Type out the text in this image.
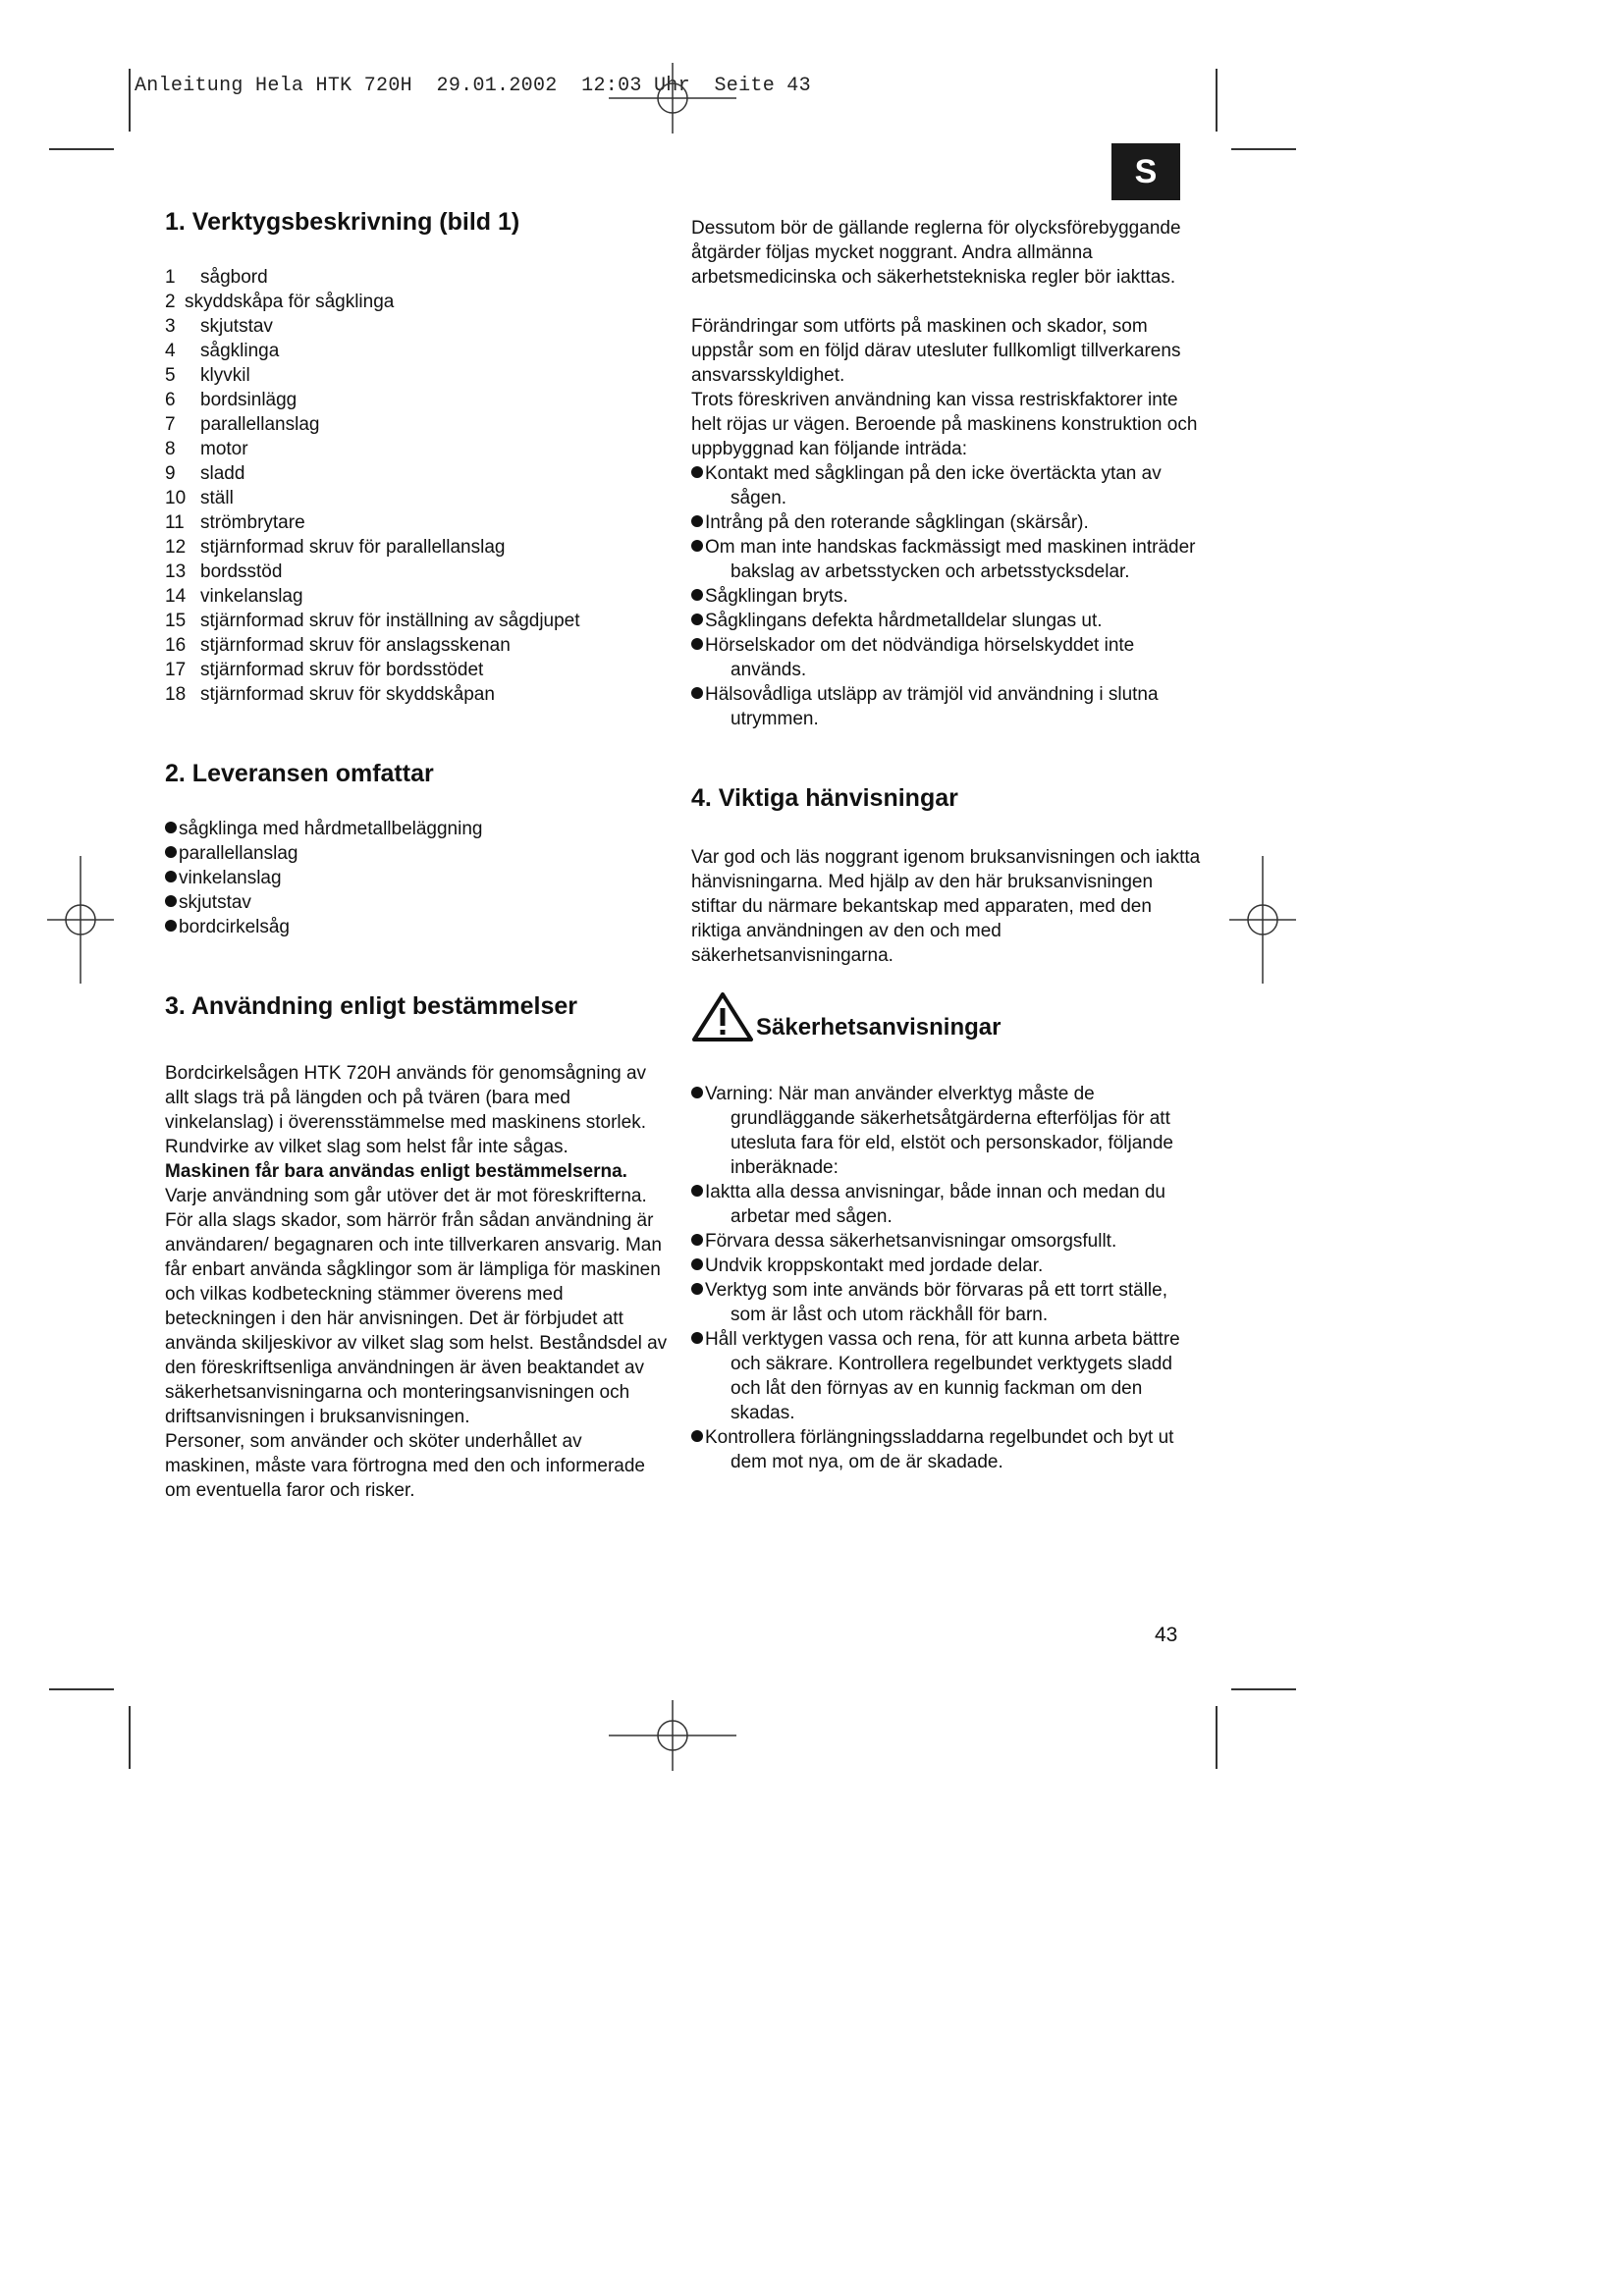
Anleitung Hela HTK 720H  29.01.2002  12:03 Uhr  Seite 43
S
1. Verktygsbeskrivning (bild 1)
1	sågbord
2 skyddskåpa för sågklinga
3	skjutstav
4	sågklinga
5	klyvkil
6	bordsinlägg
7	parallellanslag
8	motor
9	sladd
10 ställ
11 strömbrytare
12 stjärnformad skruv för parallellanslag
13 bordsstöd
14 vinkelanslag
15 stjärnformad skruv för inställning av sågdjupet
16 stjärnformad skruv för anslagsskenan
17 stjärnformad skruv för bordsstödet
18 stjärnformad skruv för skyddskåpan
2. Leveransen omfattar
sågklinga med hårdmetallbeläggning
parallellanslag
vinkelanslag
skjutstav
bordcirkelsåg
3. Användning enligt bestämmelser

Bordcirkelsågen HTK 720H används för genomsågning av allt slags trä på längden och på tvären (bara med vinkelanslag) i överensstämmelse med maskinens storlek. Rundvirke av vilket slag som helst får inte sågas.

Maskinen får bara användas enligt bestämmelserna.

Varje användning som går utöver det är mot föreskrifterna. För alla slags skador, som härrör från sådan användning är användaren/ begagnaren och inte tillverkaren ansvarig. Man får enbart använda sågklingor som är lämpliga för maskinen och vilkas kodbeteckning stämmer överens med beteckningen i den här anvisningen. Det är förbjudet att använda skiljeskivor av vilket slag som helst. Beståndsdel av den föreskriftsenliga användningen är även beaktandet av säkerhetsanvisningarna och monteringsanvisningen och driftsanvisningen i bruksanvisningen.

Personer, som använder och sköter underhållet av maskinen, måste vara förtrogna med den och informerade om eventuella faror och risker.

Dessutom bör de gällande reglerna för olycksförebyggande åtgärder följas mycket noggrant. Andra allmänna arbetsmedicinska och säkerhetstekniska regler bör iakttas.

Förändringar som utförts på maskinen och skador, som uppstår som en följd därav utesluter fullkomligt tillverkarens ansvarsskyldighet.

Trots föreskriven användning kan vissa restriskfaktorer inte helt röjas ur vägen. Beroende på maskinens konstruktion och uppbyggnad kan följande inträda:

Kontakt med sågklingan på den icke övertäckta ytan av sågen.
Intrång på den roterande sågklingan (skärsår).
Om man inte handskas fackmässigt med maskinen inträder bakslag av arbetsstycken och arbetsstycksdelar.
Sågklingan bryts.
Sågklingans defekta hårdmetalldelar slungas ut.
Hörselskador om det nödvändiga hörselskyddet inte används.
Hälsovådliga utsläpp av trämjöl vid användning i slutna utrymmen.
4. Viktiga hänvisningar

Var god och läs noggrant igenom bruksanvisningen och iaktta hänvisningarna. Med hjälp av den här bruksanvisningen stiftar du närmare bekantskap med apparaten, med den riktiga användningen av den och med säkerhetsanvisningarna.

Säkerhetsanvisningar
Varning: När man använder elverktyg måste de grundläggande säkerhetsåtgärderna efterföljas för att utesluta fara för eld, elstöt och personskador, följande inberäknade:
Iaktta alla dessa anvisningar, både innan och medan du arbetar med sågen.
Förvara dessa säkerhetsanvisningar omsorgsfullt.
Undvik kroppskontakt med jordade delar.
Verktyg som inte används bör förvaras på ett torrt ställe, som är låst och utom räckhåll för barn.
Håll verktygen vassa och rena, för att kunna arbeta bättre och säkrare. Kontrollera regelbundet verktygets sladd och låt den förnyas av en kunnig fackman om den skadas.
Kontrollera förlängningssladdarna regelbundet och byt ut dem mot nya, om de är skadade.
43
